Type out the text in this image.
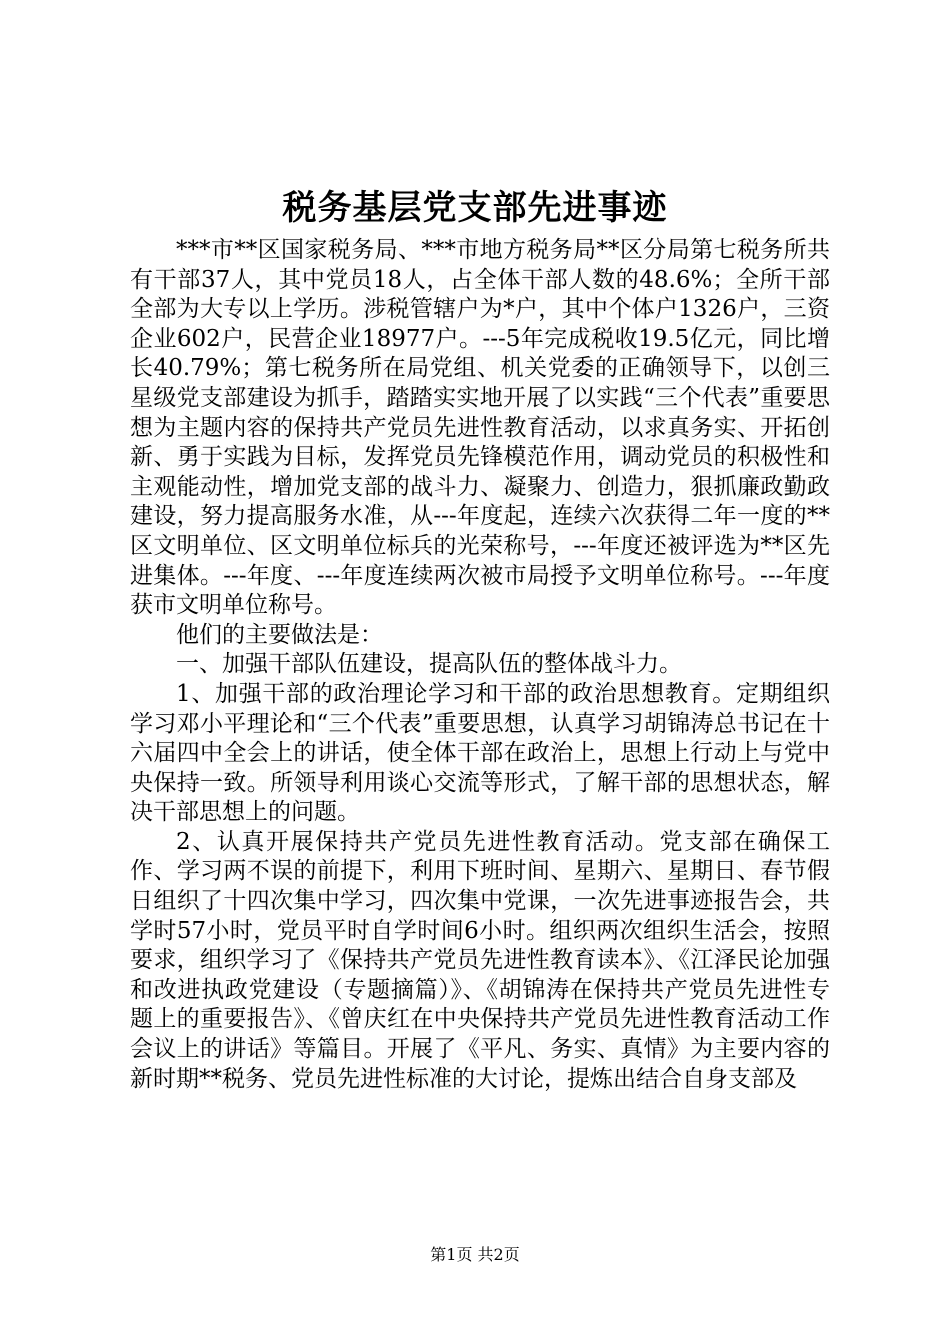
税务基层党支部先进事迹

***市**区国家税务局、***市地方税务局**区分局第七税务所共有干部37人，其中党员18人，占全体干部人数的48.6%；全所干部全部为大专以上学历。涉税管辖户为*户，其中个体户1326户，三资企业602户，民营企业18977户。---5年完成税收19.5亿元，同比增长40.79%；第七税务所在局党组、机关党委的正确领导下，以创三星级党支部建设为抓手，踏踏实实地开展了以实践“三个代表”重要思想为主题内容的保持共产党员先进性教育活动，以求真务实、开拓创新、勇于实践为目标，发挥党员先锋模范作用，调动党员的积极性和主观能动性，增加党支部的战斗力、凝聚力、创造力，狠抓廉政勤政建设，努力提高服务水准，从---年度起，连续六次获得二年一度的**区文明单位、区文明单位标兵的光荣称号，---年度还被评选为**区先进集体。---年度、---年度连续两次被市局授予文明单位称号。---年度获市文明单位称号。

他们的主要做法是：

一、加强干部队伍建设，提高队伍的整体战斗力。

1、加强干部的政治理论学习和干部的政治思想教育。定期组织学习邓小平理论和“三个代表”重要思想，认真学习胡锦涛总书记在十六届四中全会上的讲话，使全体干部在政治上，思想上行动上与党中央保持一致。所领导利用谈心交流等形式，了解干部的思想状态，解决干部思想上的问题。

2、认真开展保持共产党员先进性教育活动。党支部在确保工作、学习两不误的前提下，利用下班时间、星期六、星期日、春节假日组织了十四次集中学习，四次集中党课，一次先进事迹报告会，共学时57小时，党员平时自学时间6小时。组织两次组织生活会，按照要求，组织学习了《保持共产党员先进性教育读本》、《江泽民论加强和改进执政党建设（专题摘篇）》、《胡锦涛在保持共产党员先进性专题上的重要报告》、《曾庆红在中央保持共产党员先进性教育活动工作会议上的讲话》等篇目。开展了《平凡、务实、真情》为主要内容的新时期**税务、党员先进性标准的大讨论，提炼出结合自身支部及

第1页 共2页
